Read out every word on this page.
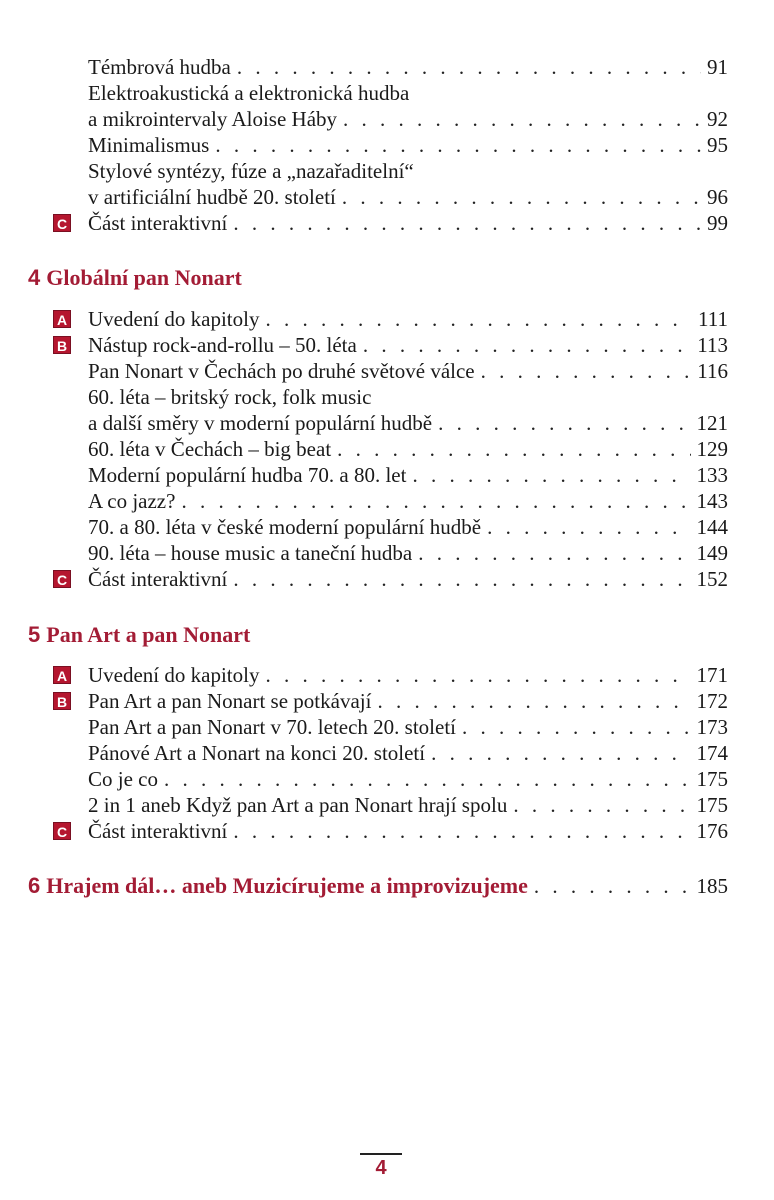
Témbrová hudba . . .	91
Elektroakustická a elektronická hudba
a mikrointervaly Aloise Háby . . .	92
Minimalismus . . .	95
Stylové syntézy, fúze a „nazařaditelní“
v artificiální hudbě 20. století . . .	96
C Část interaktivní . . .	99
4 Globální pan Nonart
A Uvedení do kapitoly . . .	111
B Nástup rock-and-rollu – 50. léta . . .	113
Pan Nonart v Čechách po druhé světové válce . . .	116
60. léta – britský rock, folk music
a další směry v moderní populární hudbě . . .	121
60. léta v Čechách – big beat . . .	129
Moderní populární hudba 70. a 80. let . . .	133
A co jazz? . . .	143
70. a 80. léta v české moderní populární hudbě . . .	144
90. léta – house music a taneční hudba . . .	149
C Část interaktivní . . .	152
5 Pan Art a pan Nonart
A Uvedení do kapitoly . . .	171
B Pan Art a pan Nonart se potkávají . . .	172
Pan Art a pan Nonart v 70. letech 20. století . . .	173
Pánové Art a Nonart na konci 20. století . . .	174
Co je co . . .	175
2 in 1 aneb Když pan Art a pan Nonart hrají spolu . . .	175
C Část interaktivní . . .	176
6 Hrajem dál… aneb Muzicírujeme a improvizujeme . . .	185
4
